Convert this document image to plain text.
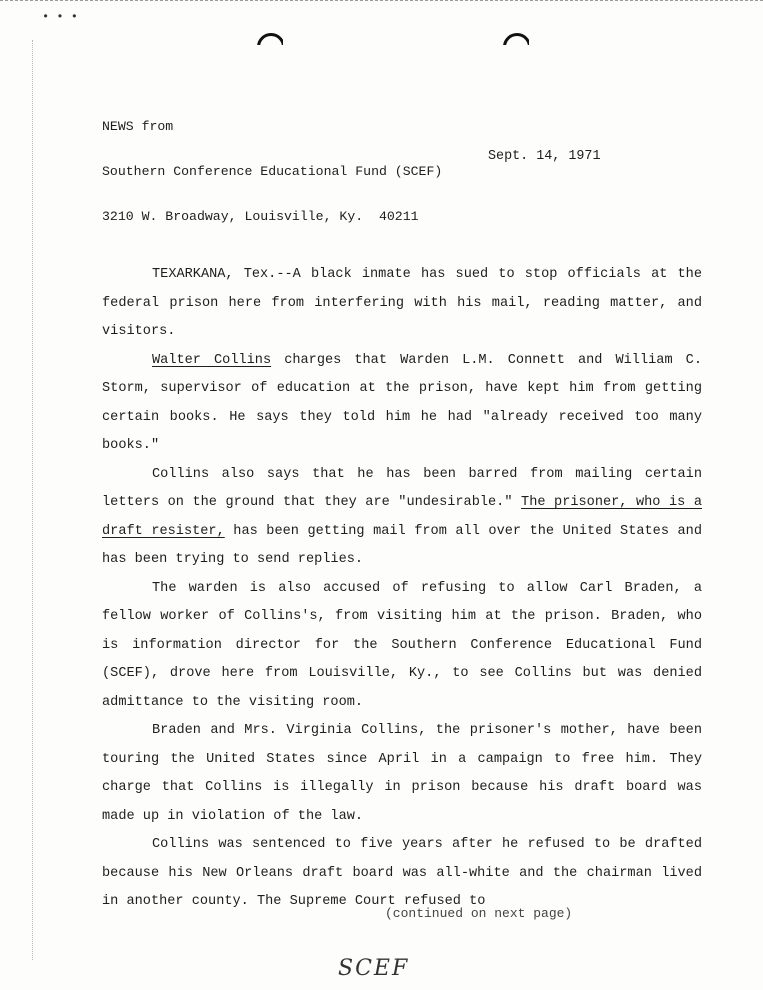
• • •

NEWS from

Southern Conference Educational Fund (SCEF)

3210 W. Broadway, Louisville, Ky.  40211

Sept. 14, 1971

TEXARKANA, Tex.--A black inmate has sued to stop officials at the federal prison here from interfering with his mail, reading matter, and visitors.

Walter Collins charges that Warden L.M. Connett and William C. Storm, supervisor of education at the prison, have kept him from getting certain books. He says they told him he had "already received too many books."

Collins also says that he has been barred from mailing certain letters on the ground that they are "undesirable." The prisoner, who is a draft resister, has been getting mail from all over the United States and has been trying to send replies.

The warden is also accused of refusing to allow Carl Braden, a fellow worker of Collins's, from visiting him at the prison. Braden, who is information director for the Southern Conference Educational Fund (SCEF), drove here from Louisville, Ky., to see Collins but was denied admittance to the visiting room.

Braden and Mrs. Virginia Collins, the prisoner's mother, have been touring the United States since April in a campaign to free him. They charge that Collins is illegally in prison because his draft board was made up in violation of the law.

Collins was sentenced to five years after he refused to be drafted because his New Orleans draft board was all-white and the chairman lived in another county. The Supreme Court refused to

(continued on next page)
SCEF
